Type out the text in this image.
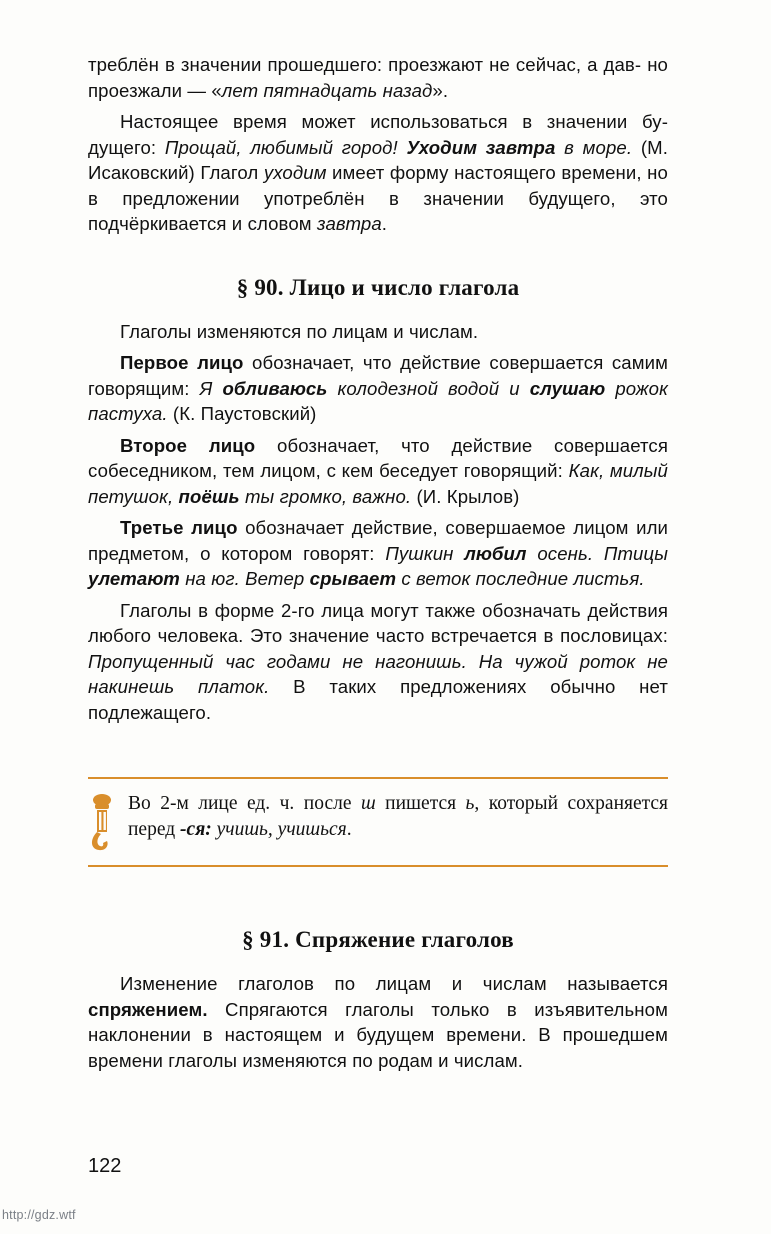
треблён в значении прошедшего: проезжают не сейчас, а дав- но проезжали — «лет пятнадцать назад».

Настоящее время может использоваться в значении бу- дущего: Прощай, любимый город! Уходим завтра в море. (М. Исаковский) Глагол уходим имеет форму настоящего времени, но в предложении употреблён в значении будущего, это подчёркивается и словом завтра.

§ 90. Лицо и число глагола

Глаголы изменяются по лицам и числам.

Первое лицо обозначает, что действие совершается самим говорящим: Я обливаюсь колодезной водой и слушаю рожок пастуха. (К. Паустовский)

Второе лицо обозначает, что действие совершается собеседником, тем лицом, с кем беседует говорящий: Как, милый петушок, поёшь ты громко, важно. (И. Крылов)

Третье лицо обозначает действие, совершаемое лицом или предметом, о котором говорят: Пушкин любил осень. Птицы улетают на юг. Ветер срывает с веток последние листья.

Глаголы в форме 2-го лица могут также обозначать действия любого человека. Это значение часто встречается в пословицах: Пропущенный час годами не нагонишь. На чужой роток не накинешь платок. В таких предложениях обычно нет подлежащего.

Во 2-м лице ед. ч. после ш пишется ь, который сохраняется перед -ся: учишь, учишься.
§ 91. Спряжение глаголов

Изменение глаголов по лицам и числам называется спряжением. Спрягаются глаголы только в изъявительном наклонении в настоящем и будущем времени. В прошедшем времени глаголы изменяются по родам и числам.

122
http://gdz.wtf
